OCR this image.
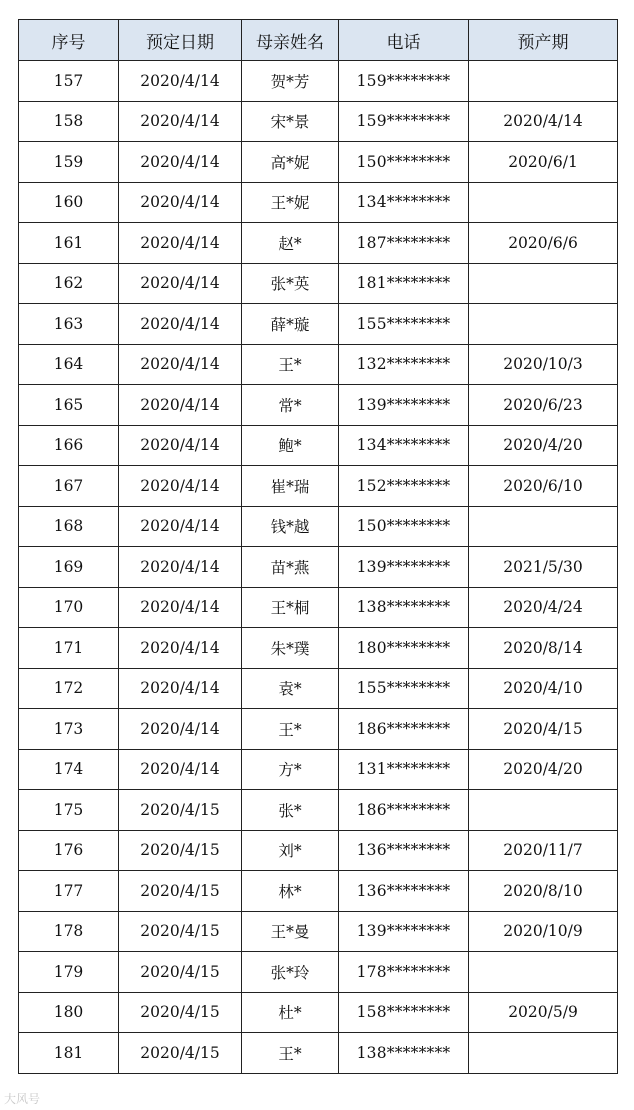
序号	预定日期	母亲姓名	电话	预产期
157	2020/4/14	贺*芳	159********	
158	2020/4/14	宋*景	159********	2020/4/14
159	2020/4/14	高*妮	150********	2020/6/1
160	2020/4/14	王*妮	134********	
161	2020/4/14	赵*	187********	2020/6/6
162	2020/4/14	张*英	181********	
163	2020/4/14	薛*璇	155********	
164	2020/4/14	王*	132********	2020/10/3
165	2020/4/14	常*	139********	2020/6/23
166	2020/4/14	鲍*	134********	2020/4/20
167	2020/4/14	崔*瑞	152********	2020/6/10
168	2020/4/14	钱*越	150********	
169	2020/4/14	苗*燕	139********	2021/5/30
170	2020/4/14	王*桐	138********	2020/4/24
171	2020/4/14	朱*璞	180********	2020/8/14
172	2020/4/14	袁*	155********	2020/4/10
173	2020/4/14	王*	186********	2020/4/15
174	2020/4/14	方*	131********	2020/4/20
175	2020/4/15	张*	186********	
176	2020/4/15	刘*	136********	2020/11/7
177	2020/4/15	林*	136********	2020/8/10
178	2020/4/15	王*曼	139********	2020/10/9
179	2020/4/15	张*玲	178********	
180	2020/4/15	杜*	158********	2020/5/9
181	2020/4/15	王*	138********	
大风号
